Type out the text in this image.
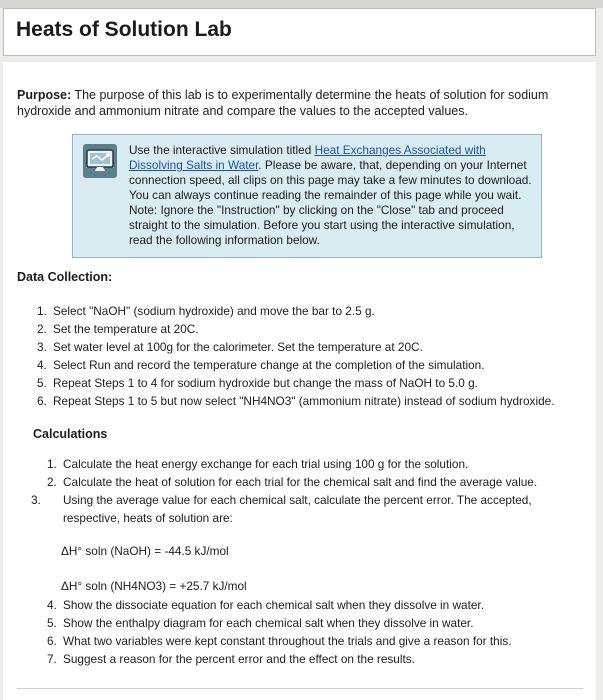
Heats of Solution Lab
Purpose: The purpose of this lab is to experimentally determine the heats of solution for sodium hydroxide and ammonium nitrate and compare the values to the accepted values.
Use the interactive simulation titled Heat Exchanges Associated with Dissolving Salts in Water. Please be aware, that, depending on your Internet connection speed, all clips on this page may take a few minutes to download. You can always continue reading the remainder of this page while you wait. Note: Ignore the "Instruction" by clicking on the "Close" tab and proceed straight to the simulation. Before you start using the interactive simulation, read the following information below.
Data Collection:
1. Select "NaOH" (sodium hydroxide) and move the bar to 2.5 g.
2. Set the temperature at 20C.
3. Set water level at 100g for the calorimeter. Set the temperature at 20C.
4. Select Run and record the temperature change at the completion of the simulation.
5. Repeat Steps 1 to 4 for sodium hydroxide but change the mass of NaOH to 5.0 g.
6. Repeat Steps 1 to 5 but now select "NH4NO3" (ammonium nitrate) instead of sodium hydroxide.
Calculations
1. Calculate the heat energy exchange for each trial using 100 g for the solution.
2. Calculate the heat of solution for each trial for the chemical salt and find the average value.
3. Using the average value for each chemical salt, calculate the percent error. The accepted, respective, heats of solution are:
ΔH° soln (NaOH) = -44.5 kJ/mol
ΔH° soln (NH4NO3) = +25.7 kJ/mol
4. Show the dissociate equation for each chemical salt when they dissolve in water.
5. Show the enthalpy diagram for each chemical salt when they dissolve in water.
6. What two variables were kept constant throughout the trials and give a reason for this.
7. Suggest a reason for the percent error and the effect on the results.
